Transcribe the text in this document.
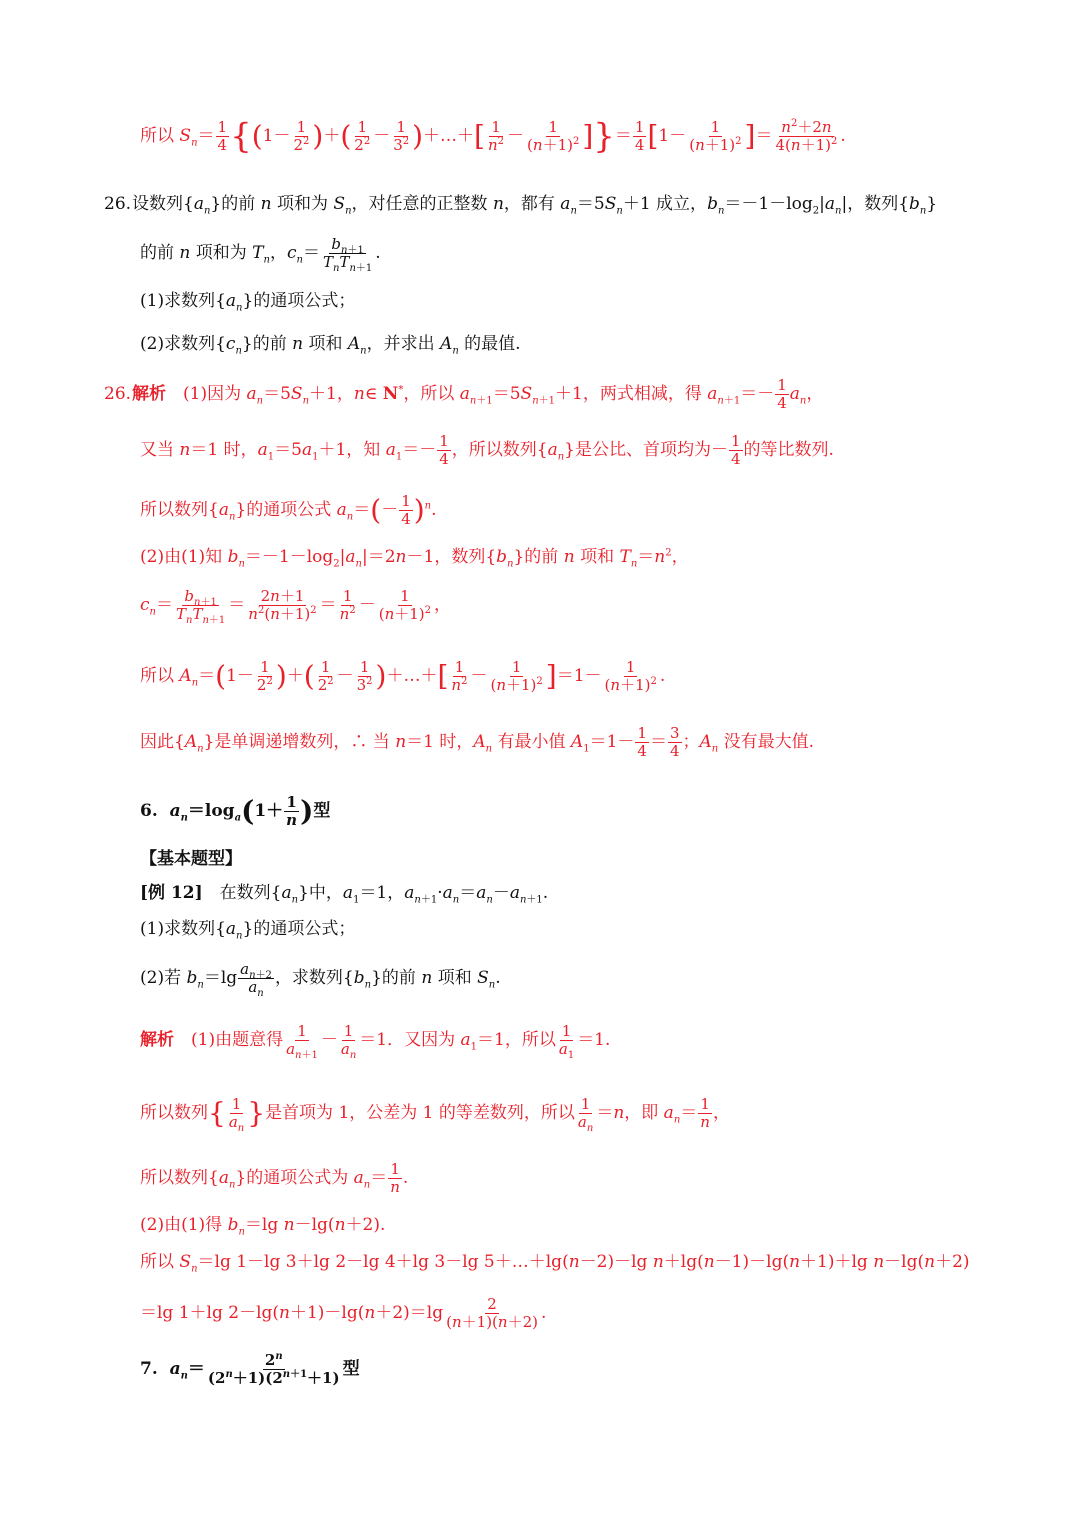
所以 $S_n= \frac{1}{4} \{(1- \frac{1}{2^2}$ )＋( $\frac{1}{2^2} - \frac{1}{3^2}$ )＋…＋[ $\frac{1}{n^2} - \frac{1}{(n+1)^2}$ ]}＝ $\frac{1}{4} [1- \frac{1}{(n+1)^2}$ ]＝ $\frac{n^2+2n}{4(n+1)^2}$ .
26.设数列$\{a_n\}$的前 n 项和为 $S_n$，对任意的正整数 n，都有 $a_n=5S_n+1$ 成立，$b_n=-1-\log_2|a_n|$，数列$\{b_n\}$
的前 n 项和为 $T_n$，$c_n= b_{n+1}$
$T_nT_{n+1}$
.
(1)求数列$\{a_n\}$的通项公式；
(2)求数列$\{c_n\}$的前 n 项和 $A_n$，并求出 $A_n$ 的最值.
26.解析　(1)因为 $a_n=5S_n+1$，n∈ N*，所以 $a_{n+1}=5S_{n+1}+1$，两式相减，得 $a_{n+1}=- \frac{1}{4} a_n$，
又当 n＝1 时，$a_1=5a_1+1$，知 $a_1=- \frac{1}{4}$ ，所以数列$\{a_n\}$是公比、首项均为－ $\frac{1}{4}$ 的等比数列.
所以数列$\{a_n\}$的通项公式 $a_n=(- \frac{1}{4} )^n$.
(2)由(1)知 $b_n=-1-\log_2|a_n|=2n-1$，数列$\{b_n\}$的前 n 项和 $T_n=n^2$，
$c_n= b_{n+1}$
$T_nT_{n+1}$
＝ $\frac{2n+1}{n^2(n+1)^2} = \frac{1}{n^2} - \frac{1}{(n+1)^2}$ ，
所以 $A_n=(1- \frac{1}{2^2}$ )＋( $\frac{1}{2^2} - \frac{1}{3^2}$ )＋…＋[ $\frac{1}{n^2} - \frac{1}{(n+1)^2} ]=1- \frac{1}{(n+1)^2}$ .
因此$\{A_n\}$是单调递增数列，∴ 当 n＝1 时，$A_n$ 有最小值 $A_1=1- \frac{1}{4} = \frac{3}{4}$ ；$A_n$ 没有最大值.
6.  $a_n=\log_a(1+ \frac{1}{n}$ )型
【基本题型】
[例 12]　在数列$\{a_n\}$中，$a_1=1$，$a_{n+1}\cdot a_n=a_n-a_{n+1}$.
(1)求数列$\{a_n\}$的通项公式；
(2)若 $b_n=\lg \frac{a_{n+2}}{a_n}$ ，求数列$\{b_n\}$的前 n 项和 $S_n$.
解析　(1)由题意得 $\frac{1}{a_{n+1}} - \frac{1}{a_n} =1$．又因为 $a_1=1$，所以 $\frac{1}{a_1} =1$.
所以数列{ $\frac{1}{a_n}$ }是首项为 1，公差为 1 的等差数列，所以 $\frac{1}{a_n} =n$，即 $a_n= \frac{1}{n}$ ，
所以数列$\{a_n\}$的通项公式为 $a_n= \frac{1}{n}$ .
(2)由(1)得 $b_n=\lg$ n－lg(n＋2).
所以 $S_n=\lg$ 1－lg 3＋lg 2－lg 4＋lg 3－lg 5＋…＋lg(n－2)－lg n＋lg(n－1)－lg(n＋1)＋lg n－lg(n＋2)
＝lg 1＋lg $2-\lg(n+1)-\lg(n+2)=\lg \frac{2}{(n+1)(n+2)}$ .
7.  $a_n= \frac{2^n}{(2^n+1)(2^{n+1}+1)}$ 型
